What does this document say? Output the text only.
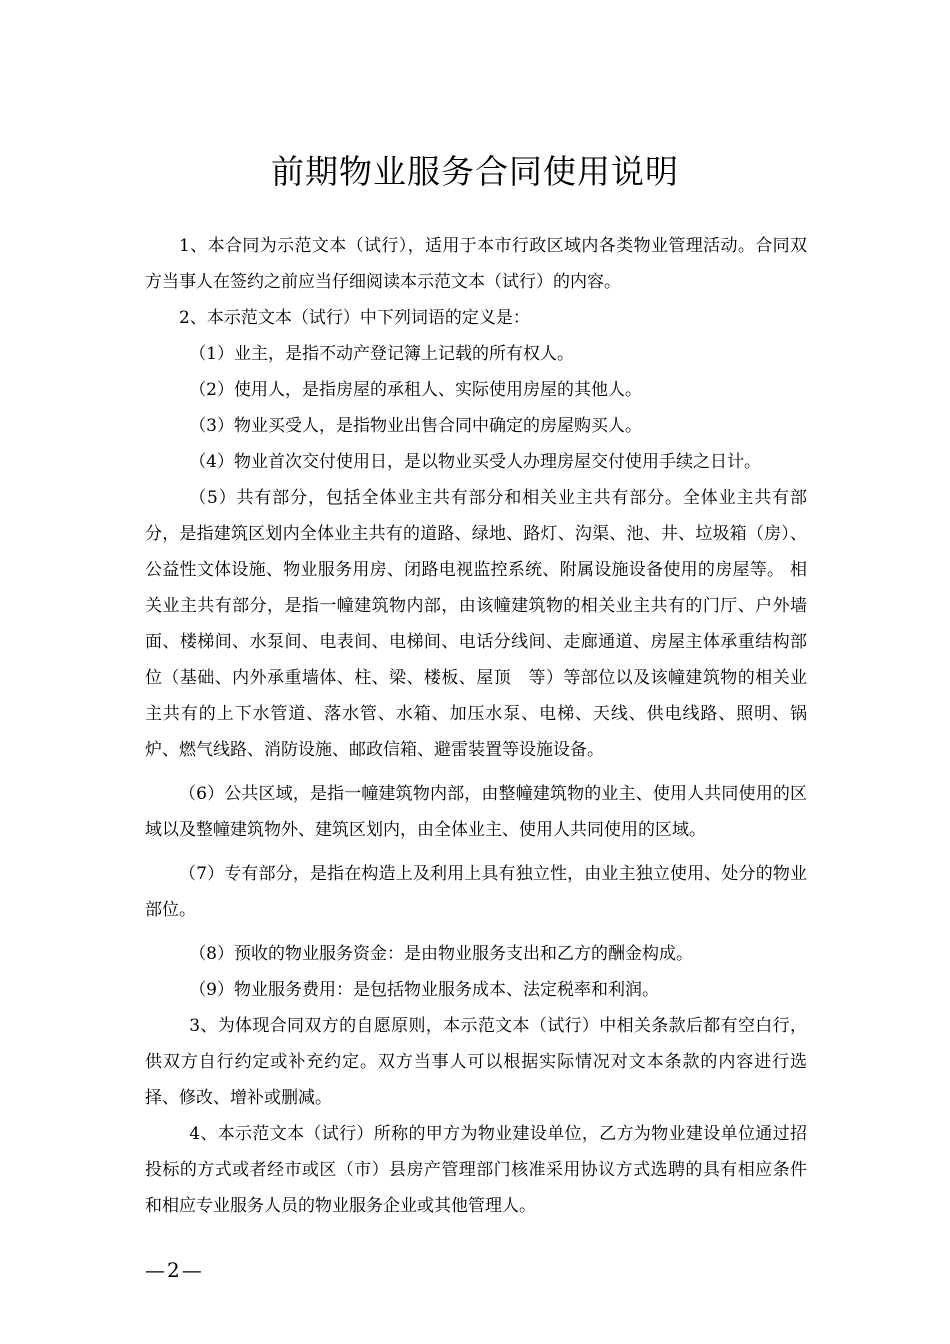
前期物业服务合同使用说明

1、本合同为示范文本（试行），适用于本市行政区域内各类物业管理活动。合同双方当事人在签约之前应当仔细阅读本示范文本（试行）的内容。

2、本示范文本（试行）中下列词语的定义是：

（1）业主，是指不动产登记簿上记载的所有权人。

（2）使用人，是指房屋的承租人、实际使用房屋的其他人。

（3）物业买受人，是指物业出售合同中确定的房屋购买人。

（4）物业首次交付使用日，是以物业买受人办理房屋交付使用手续之日计。

（5）共有部分，包括全体业主共有部分和相关业主共有部分。全体业主共有部分，是指建筑区划内全体业主共有的道路、绿地、路灯、沟渠、池、井、垃圾箱（房）、公益性文体设施、物业服务用房、闭路电视监控系统、附属设施设备使用的房屋等。 相关业主共有部分，是指一幢建筑物内部，由该幢建筑物的相关业主共有的门厅、户外墙面、楼梯间、水泵间、电表间、电梯间、电话分线间、走廊通道、房屋主体承重结构部位（基础、内外承重墙体、柱、梁、楼板、屋顶　等）等部位以及该幢建筑物的相关业主共有的上下水管道、落水管、水箱、加压水泵、电梯、天线、供电线路、照明、锅炉、燃气线路、消防设施、邮政信箱、避雷装置等设施设备。

（6）公共区域，是指一幢建筑物内部，由整幢建筑物的业主、使用人共同使用的区域以及整幢建筑物外、建筑区划内，由全体业主、使用人共同使用的区域。

（7）专有部分，是指在构造上及利用上具有独立性，由业主独立使用、处分的物业部位。

（8）预收的物业服务资金：是由物业服务支出和乙方的酬金构成。

（9）物业服务费用：是包括物业服务成本、法定税率和利润。

3、为体现合同双方的自愿原则，本示范文本（试行）中相关条款后都有空白行，供双方自行约定或补充约定。双方当事人可以根据实际情况对文本条款的内容进行选择、修改、增补或删减。

4、本示范文本（试行）所称的甲方为物业建设单位，乙方为物业建设单位通过招投标的方式或者经市或区（市）县房产管理部门核准采用协议方式选聘的具有相应条件和相应专业服务人员的物业服务企业或其他管理人。

—2—
